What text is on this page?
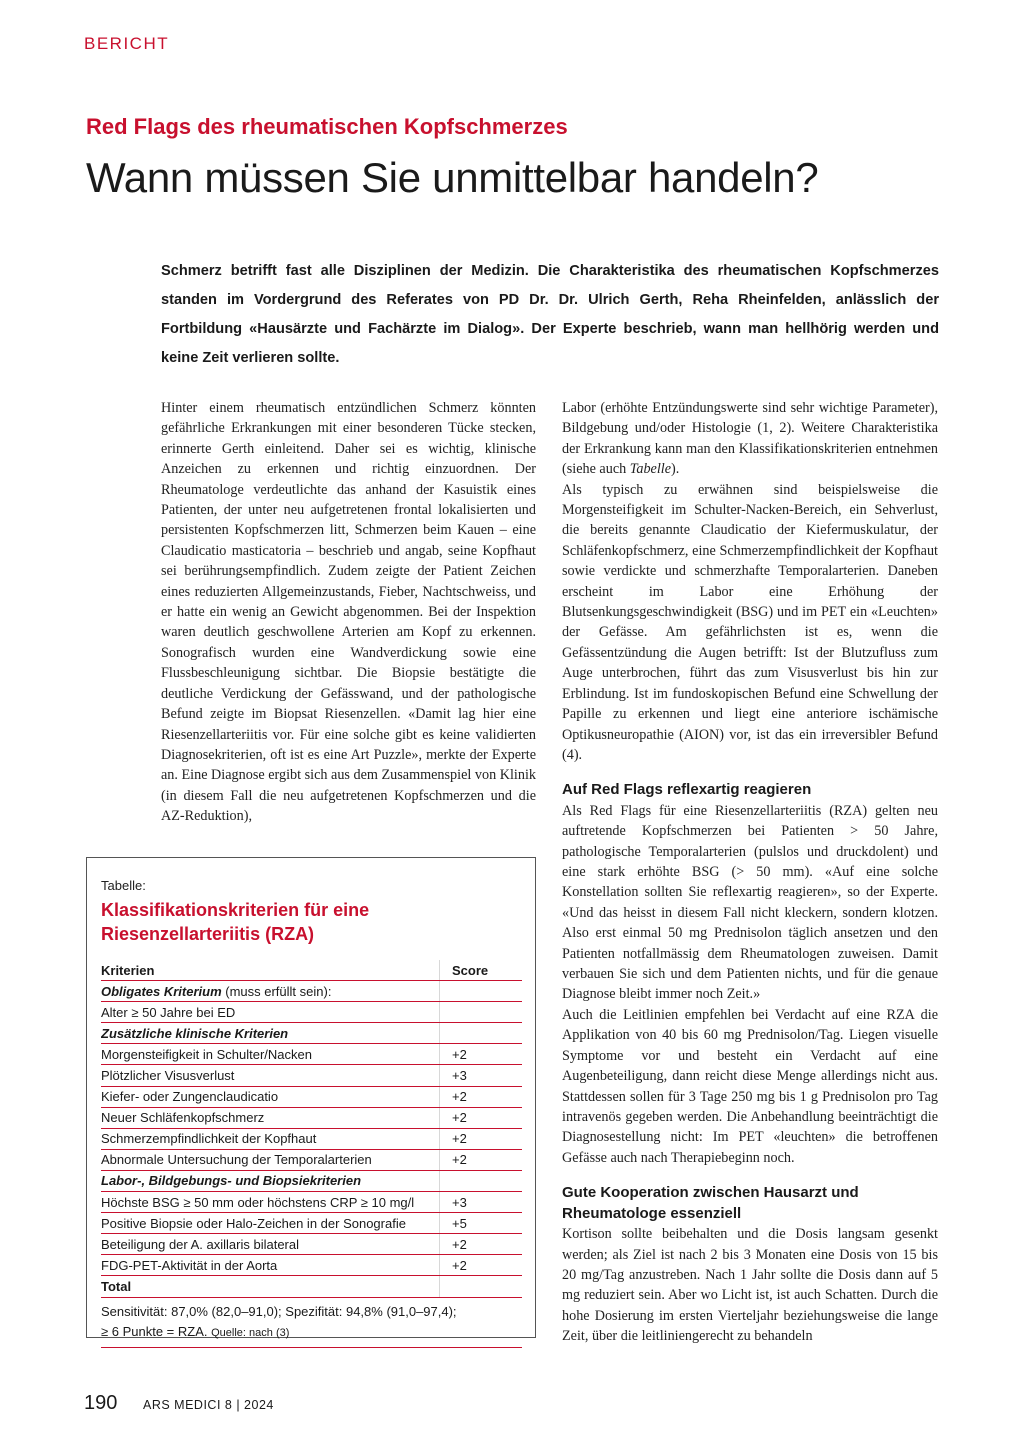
BERICHT
Red Flags des rheumatischen Kopfschmerzes
Wann müssen Sie unmittelbar handeln?
Schmerz betrifft fast alle Disziplinen der Medizin. Die Charakteristika des rheumatischen Kopfschmerzes standen im Vordergrund des Referates von PD Dr. Dr. Ulrich Gerth, Reha Rheinfelden, anlässlich der Fortbildung «Hausärzte und Fachärzte im Dialog». Der Experte beschrieb, wann man hellhörig werden und keine Zeit verlieren sollte.

Hinter einem rheumatisch entzündlichen Schmerz könnten gefährliche Erkrankungen mit einer besonderen Tücke stecken, erinnerte Gerth einleitend. Daher sei es wichtig, klinische Anzeichen zu erkennen und richtig einzuordnen. Der Rheumatologe verdeutlichte das anhand der Kasuistik eines Patienten, der unter neu aufgetretenen frontal lokalisierten und persistenten Kopfschmerzen litt, Schmerzen beim Kauen – eine Claudicatio masticatoria – beschrieb und angab, seine Kopfhaut sei berührungsempfindlich. Zudem zeigte der Patient Zeichen eines reduzierten Allgemeinzustands, Fieber, Nachtschweiss, und er hatte ein wenig an Gewicht abgenommen. Bei der Inspektion waren deutlich geschwollene Arterien am Kopf zu erkennen. Sonografisch wurden eine Wandverdickung sowie eine Flussbeschleunigung sichtbar. Die Biopsie bestätigte die deutliche Verdickung der Gefässwand, und der pathologische Befund zeigte im Biopsat Riesenzellen. «Damit lag hier eine Riesenzellarteriitis vor. Für eine solche gibt es keine validierten Diagnosekriterien, oft ist es eine Art Puzzle», merkte der Experte an. Eine Diagnose ergibt sich aus dem Zusammenspiel von Klinik (in diesem Fall die neu aufgetretenen Kopfschmerzen und die AZ-Reduktion),

Labor (erhöhte Entzündungswerte sind sehr wichtige Parameter), Bildgebung und/oder Histologie (1, 2). Weitere Charakteristika der Erkrankung kann man den Klassifikationskriterien entnehmen (siehe auch Tabelle).

Als typisch zu erwähnen sind beispielsweise die Morgensteifigkeit im Schulter-Nacken-Bereich, ein Sehverlust, die bereits genannte Claudicatio der Kiefermuskulatur, der Schläfenkopfschmerz, eine Schmerzempfindlichkeit der Kopfhaut sowie verdickte und schmerzhafte Temporalarterien. Daneben erscheint im Labor eine Erhöhung der Blutsenkungsgeschwindigkeit (BSG) und im PET ein «Leuchten» der Gefässe. Am gefährlichsten ist es, wenn die Gefässentzündung die Augen betrifft: Ist der Blutzufluss zum Auge unterbrochen, führt das zum Visusverlust bis hin zur Erblindung. Ist im fundoskopischen Befund eine Schwellung der Papille zu erkennen und liegt eine anteriore ischämische Optikusneuropathie (AION) vor, ist das ein irreversibler Befund (4).

Auf Red Flags reflexartig reagieren

Als Red Flags für eine Riesenzellarteriitis (RZA) gelten neu auftretende Kopfschmerzen bei Patienten > 50 Jahre, pathologische Temporalarterien (pulslos und druckdolent) und eine stark erhöhte BSG (> 50 mm). «Auf eine solche Konstellation sollten Sie reflexartig reagieren», so der Experte. «Und das heisst in diesem Fall nicht kleckern, sondern klotzen. Also erst einmal 50 mg Prednisolon täglich ansetzen und den Patienten notfallmässig dem Rheumatologen zuweisen. Damit verbauen Sie sich und dem Patienten nichts, und für die genaue Diagnose bleibt immer noch Zeit.»

Auch die Leitlinien empfehlen bei Verdacht auf eine RZA die Applikation von 40 bis 60 mg Prednisolon/Tag. Liegen visuelle Symptome vor und besteht ein Verdacht auf eine Augenbeteiligung, dann reicht diese Menge allerdings nicht aus. Stattdessen sollen für 3 Tage 250 mg bis 1 g Prednisolon pro Tag intravenös gegeben werden. Die Anbehandlung beeinträchtigt die Diagnosestellung nicht: Im PET «leuchten» die betroffenen Gefässe auch nach Therapiebeginn noch.

Gute Kooperation zwischen Hausarzt und Rheumatologe essenziell

Kortison sollte beibehalten und die Dosis langsam gesenkt werden; als Ziel ist nach 2 bis 3 Monaten eine Dosis von 15 bis 20 mg/Tag anzustreben. Nach 1 Jahr sollte die Dosis dann auf 5 mg reduziert sein. Aber wo Licht ist, ist auch Schatten. Durch die hohe Dosierung im ersten Vierteljahr beziehungsweise die lange Zeit, über die leitliniengerecht zu behandeln

Tabelle:
Klassifikationskriterien für eine Riesenzellarteriitis (RZA)
Kriterien	Score
Obligates Kriterium (muss erfüllt sein):
Alter ≥ 50 Jahre bei ED
Zusätzliche klinische Kriterien
Morgensteifigkeit in Schulter/Nacken	+2
Plötzlicher Visusverlust	+3
Kiefer- oder Zungenclaudicatio	+2
Neuer Schläfenkopfschmerz	+2
Schmerzempfindlichkeit der Kopfhaut	+2
Abnormale Untersuchung der Temporalarterien	+2
Labor-, Bildgebungs- und Biopsiekriterien
Höchste BSG ≥ 50 mm oder höchstens CRP ≥ 10 mg/l	+3
Positive Biopsie oder Halo-Zeichen in der Sonografie	+5
Beteiligung der A. axillaris bilateral	+2
FDG-PET-Aktivität in der Aorta	+2
Total
Sensitivität: 87,0% (82,0–91,0); Spezifität: 94,8% (91,0–97,4);
≥ 6 Punkte = RZA. Quelle: nach (3)
190 ARS MEDICI 8 | 2024
